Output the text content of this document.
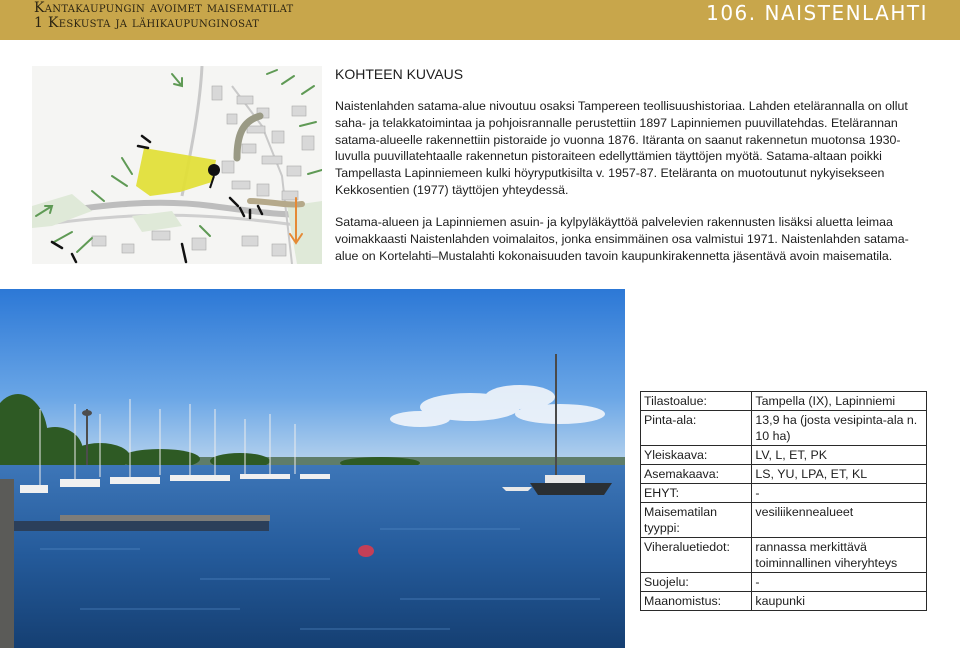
Kantakaupungin avoimet maisematilat
1 Keskusta ja lähikaupunginosat	106. NAISTENLAHTI
KOHTEEN KUVAUS

Naistenlahden satama-alue nivoutuu osaksi Tampereen teollisuushistoriaa. Lahden etelärannalla on ollut saha- ja telakkatoimintaa ja pohjoisrannalle perustettiin 1897 Lapinniemen puuvillatehdas. Etelärannan satama-alueelle rakennettiin pistoraide jo vuonna 1876. Itäranta on saanut rakennetun muotonsa 1930-luvulla puuvillatehtaalle rakennetun pistoraiteen edellyttämien täyttöjen myötä. Satama-altaan poikki Tampellasta Lapinniemeen kulki höyryputkisilta v. 1957-87. Eteläranta on muotoutunut nykyisekseen Kekkosentien (1977) täyttöjen yhteydessä.

Satama-alueen ja Lapinniemen asuin- ja kylpyläkäyttöä palvelevien rakennusten lisäksi aluetta leimaa voimakkaasti Naistenlahden voimalaitos, jonka ensimmäinen osa valmistui 1971. Naistenlahden satama-alue on Kortelahti–Mustalahti kokonaisuuden tavoin kaupunkirakennetta jäsentävä avoin maisematila.

Tilastoalue:	Tampella (IX), Lapinniemi
Pinta-ala:	13,9 ha (josta vesipinta-ala n. 10 ha)
Yleiskaava:	LV, L, ET, PK
Asemakaava:	LS, YU, LPA, ET, KL
EHYT:	-
Maisematilan tyyppi:	vesiliikennealueet
Viheraluetiedot:	rannassa merkittävä toiminnallinen viheryhteys
Suojelu:	-
Maanomistus:	kaupunki
